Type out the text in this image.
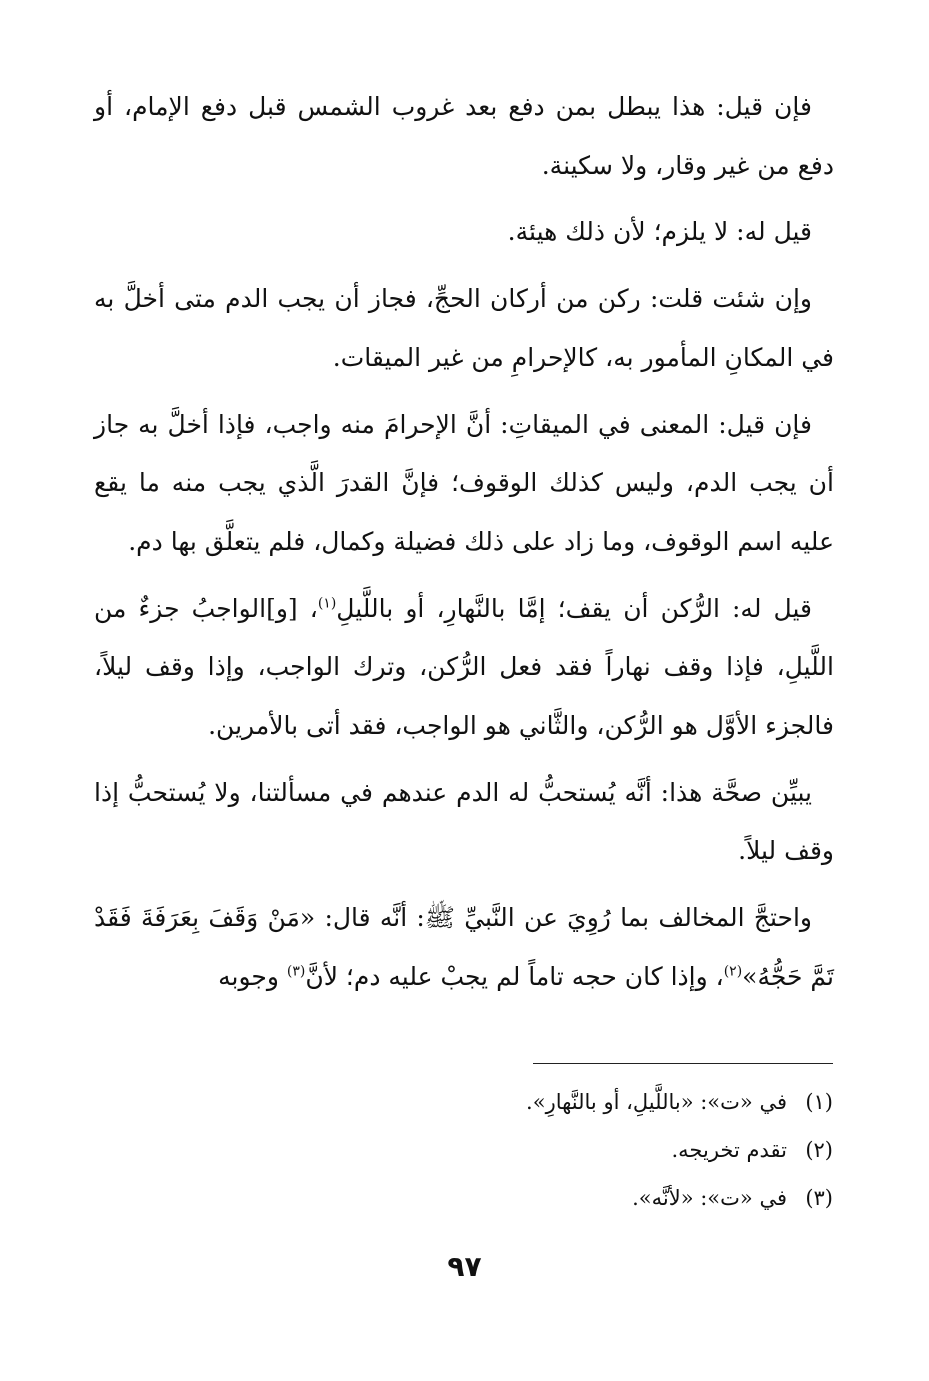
فإن قيل: هذا يبطل بمن دفع بعد غروب الشمس قبل دفع الإمام، أو دفع من غير وقار، ولا سكينة.

قيل له: لا يلزم؛ لأن ذلك هيئة.

وإن شئت قلت: ركن من أركان الحجِّ، فجاز أن يجب الدم متى أخلَّ به في المكانِ المأمور به، كالإحرامِ من غير الميقات.

فإن قيل: المعنى في الميقاتِ: أنَّ الإحرامَ منه واجب، فإذا أخلَّ به جاز أن يجب الدم، وليس كذلك الوقوف؛ فإنَّ القدرَ الَّذي يجب منه ما يقع عليه اسم الوقوف، وما زاد على ذلك فضيلة وكمال، فلم يتعلَّق بها دم.

قيل له: الرُّكن أن يقف؛ إمَّا بالنَّهارِ، أو باللَّيلِ$^{(١)}$، [و]الواجبُ جزءٌ من اللَّيلِ، فإذا وقف نهاراً فقد فعل الرُّكن، وترك الواجب، وإذا وقف ليلاً، فالجزء الأوَّل هو الرُّكن، والثَّاني هو الواجب، فقد أتى بالأمرين.

يبيِّن صحَّة هذا: أنَّه يُستحبُّ له الدم عندهم في مسألتنا، ولا يُستحبُّ إذا وقف ليلاً.

واحتجَّ المخالف بما رُوِيَ عن النَّبيِّ ﷺ: أنَّه قال: «مَنْ وَقَفَ بِعَرَفَةَ فَقَدْ تَمَّ حَجُّهُ»$^{(٢)}$، وإذا كان حجه تاماً لم يجبْ عليه دم؛ لأنَّ$^{(٣)}$ وجوبه

(١)
في «ت»: «باللَّيلِ، أو بالنَّهارِ».
(٢)
تقدم تخريجه.
(٣)
في «ت»: «لأنَّه».
٩٧
